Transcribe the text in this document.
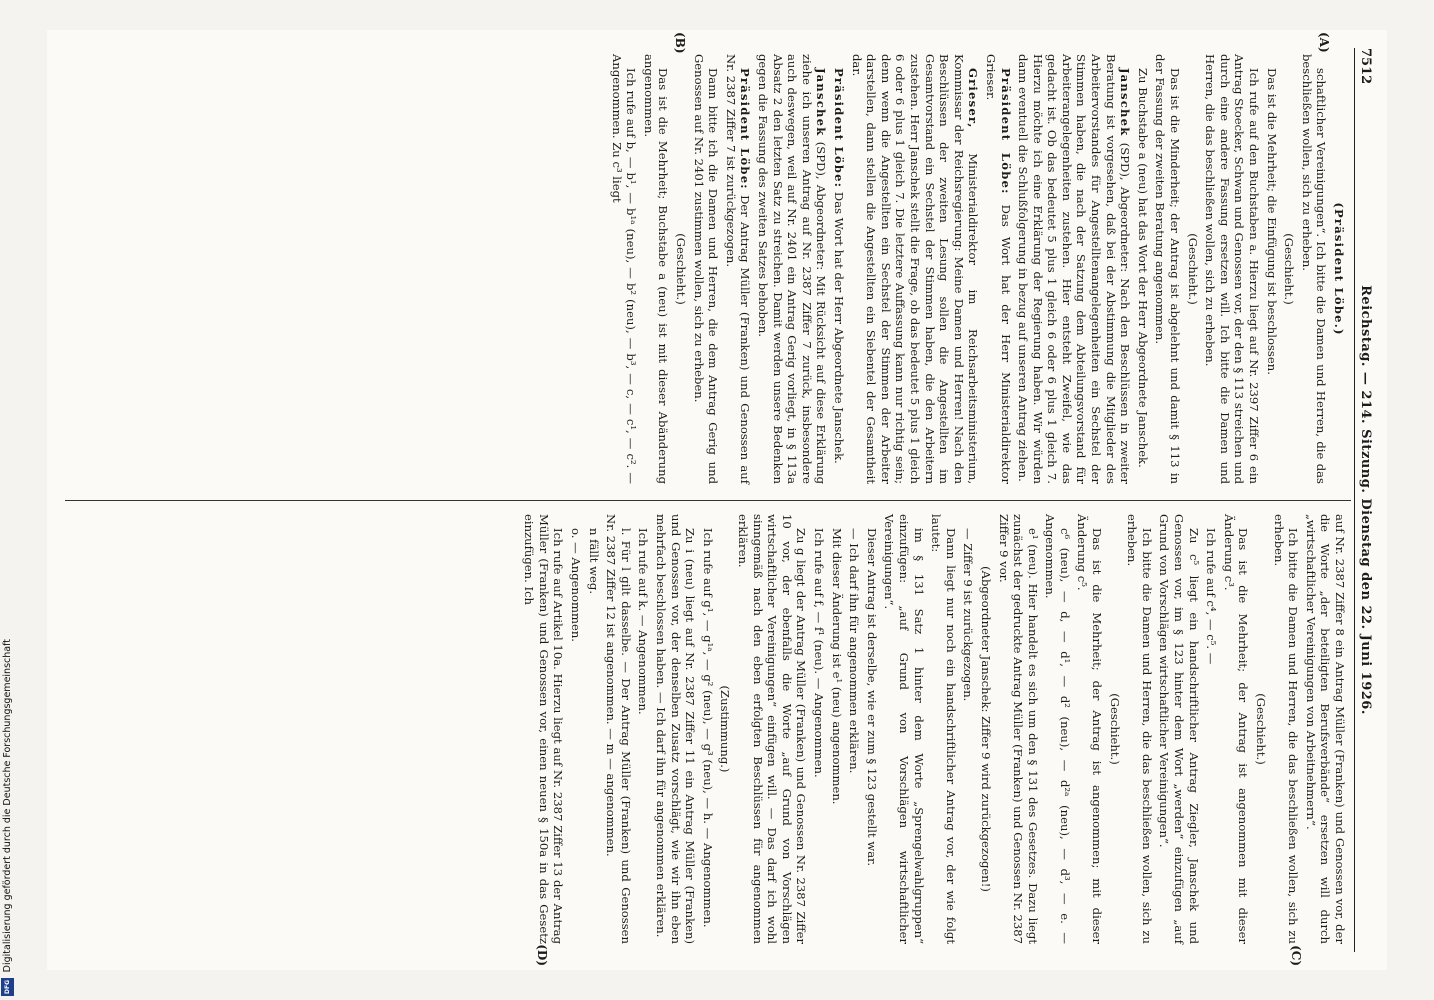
7512
Reichstag. — 214. Sitzung. Dienstag den 22. Juni 1926.
(A)
(B)
(C)
(D)

(Präsident Löbe.)

schaftlicher Vereinigungen“. Ich bitte die Damen und Herren, die das beschließen wollen, sich zu erheben.

(Geschieht.)

Das ist die Mehrheit; die Einfügung ist beschlossen.

Ich rufe auf den Buchstaben a. Hierzu liegt auf Nr. 2397 Ziffer 6 ein Antrag Stoecker, Schwan und Genossen vor, der den § 113 streichen und durch eine andere Fassung ersetzen will. Ich bitte die Damen und Herren, die das beschließen wollen, sich zu erheben.

(Geschieht.)

Das ist die Minderheit; der Antrag ist abgelehnt und damit § 113 in der Fassung der zweiten Beratung angenommen.

Zu Buchstabe a (neu) hat das Wort der Herr Abgeordnete Janschek.

Janschek (SPD), Abgeordneter: Nach den Beschlüssen in zweiter Beratung ist vorgesehen, daß bei der Abstimmung die Mitglieder des Arbeitervorstandes für Angestelltenangelegenheiten ein Sechstel der Stimmen haben, die nach der Satzung dem Abteilungsvorstand für Arbeiterangelegenheiten zustehen. Hier entsteht Zweifel, wie das gedacht ist. Ob das bedeutet 5 plus 1 gleich 6 oder 6 plus 1 gleich 7. Hierzu möchte ich eine Erklärung der Regierung haben. Wir würden dann eventuell die Schlußfolgerung in bezug auf unseren Antrag ziehen.

Präsident Löbe: Das Wort hat der Herr Ministerialdirektor Grieser.

Grieser, Ministerialdirektor im Reichsarbeitsministerium, Kommissar der Reichsregierung: Meine Damen und Herren! Nach den Beschlüssen der zweiten Lesung sollen die Angestellten im Gesamtvorstand ein Sechstel der Stimmen haben, die den Arbeitern zustehen. Herr Janschek stellt die Frage, ob das bedeutet 5 plus 1 gleich 6 oder 6 plus 1 gleich 7. Die letztere Auffassung kann nur richtig sein; denn wenn die Angestellten ein Sechstel der Stimmen der Arbeiter darstellen, dann stellen die Angestellten ein Siebentel der Gesamtheit dar.

Präsident Löbe: Das Wort hat der Herr Abgeordnete Janschek.

Janschek (SPD), Abgeordneter: Mit Rücksicht auf diese Erklärung ziehe ich unseren Antrag auf Nr. 2387 Ziffer 7 zurück, insbesondere auch deswegen, weil auf Nr. 2401 ein Antrag Gerig vorliegt, in § 113a Absatz 2 den letzten Satz zu streichen. Damit werden unsere Bedenken gegen die Fassung des zweiten Satzes behoben.

Präsident Löbe: Der Antrag Müller (Franken) und Genossen auf Nr. 2387 Ziffer 7 ist zurückgezogen.

Dann bitte ich die Damen und Herren, die dem Antrag Gerig und Genossen auf Nr. 2401 zustimmen wollen, sich zu erheben.

(Geschieht.)

Das ist die Mehrheit; Buchstabe a (neu) ist mit dieser Abänderung angenommen.

Ich rufe auf b, — b¹, — b¹ᵃ (neu), — b² (neu), — b³, — c, — c¹, — c². — Angenommen. Zu c³ liegt

auf Nr. 2387 Ziffer 8 ein Antrag Müller (Franken) und Genossen vor, der die Worte „der beteiligten Berufsverbände“ ersetzen will durch „wirtschaftlicher Vereinigungen von Arbeitnehmern“.

Ich bitte die Damen und Herren, die das beschließen wollen, sich zu erheben.

(Geschieht.)

Das ist die Mehrheit; der Antrag ist angenommen mit dieser Änderung c³.

Ich rufe auf c⁴, — c⁵. —

Zu c⁵ liegt ein handschriftlicher Antrag Ziegler, Janschek und Genossen vor, im § 123 hinter dem Wort „werden“ einzufügen „auf Grund von Vorschlägen wirtschaftlicher Vereinigungen“.

Ich bitte die Damen und Herren, die das beschließen wollen, sich zu erheben.

(Geschieht.)

Das ist die Mehrheit; der Antrag ist angenommen; mit dieser Änderung c⁵.

c⁶ (neu), — d, — d¹, — d² (neu), — d²ᵃ (neu), — d³, — e. — Angenommen.

e¹ (neu). Hier handelt es sich um den § 131 des Gesetzes. Dazu liegt zunächst der gedruckte Antrag Müller (Franken) und Genossen Nr. 2387 Ziffer 9 vor.

(Abgeordneter Janschek: Ziffer 9 wird zurückgezogen!)

— Ziffer 9 ist zurückgezogen.

Dann liegt nur noch ein handschriftlicher Antrag vor, der wie folgt lautet:

im § 131 Satz 1 hinter dem Worte „Sprengelwahlgruppen“ einzufügen: „auf Grund von Vorschlägen wirtschaftlicher Vereinigungen“.

Dieser Antrag ist derselbe, wie er zum § 123 gestellt war.

— Ich darf ihn für angenommen erklären.

Mit dieser Änderung ist e¹ (neu) angenommen.

Ich rufe auf f, — f¹ (neu). — Angenommen.

Zu g liegt der Antrag Müller (Franken) und Genossen Nr. 2387 Ziffer 10 vor, der ebenfalls die Worte „auf Grund von Vorschlägen wirtschaftlicher Vereinigungen“ einfügen will. — Das darf ich wohl sinngemäß nach den eben erfolgten Beschlüssen für angenommen erklären.

(Zustimmung.)

Ich rufe auf g¹, — g¹ᵃ, — g² (neu), — g³ (neu), — h. — Angenommen.

Zu i (neu) liegt auf Nr. 2387 Ziffer 11 ein Antrag Müller (Franken) und Genossen vor, der denselben Zusatz vorschlägt, wie wir ihn eben mehrfach beschlossen haben. — Ich darf ihn für angenommen erklären.

Ich rufe auf k. — Angenommen.

l. Für l gilt dasselbe. — Der Antrag Müller (Franken) und Genossen Nr. 2387 Ziffer 12 ist angenommen. — m — angenommen.

n fällt weg.

o. — Angenommen.

Ich rufe auf Artikel 10a. Hierzu liegt auf Nr. 2387 Ziffer 13 der Antrag Müller (Franken) und Genossen vor, einen neuen § 150a in das Gesetz einzufügen. Ich

Digitalisierung gefördert durch die Deutsche Forschungsgemeinschaft
DFG
